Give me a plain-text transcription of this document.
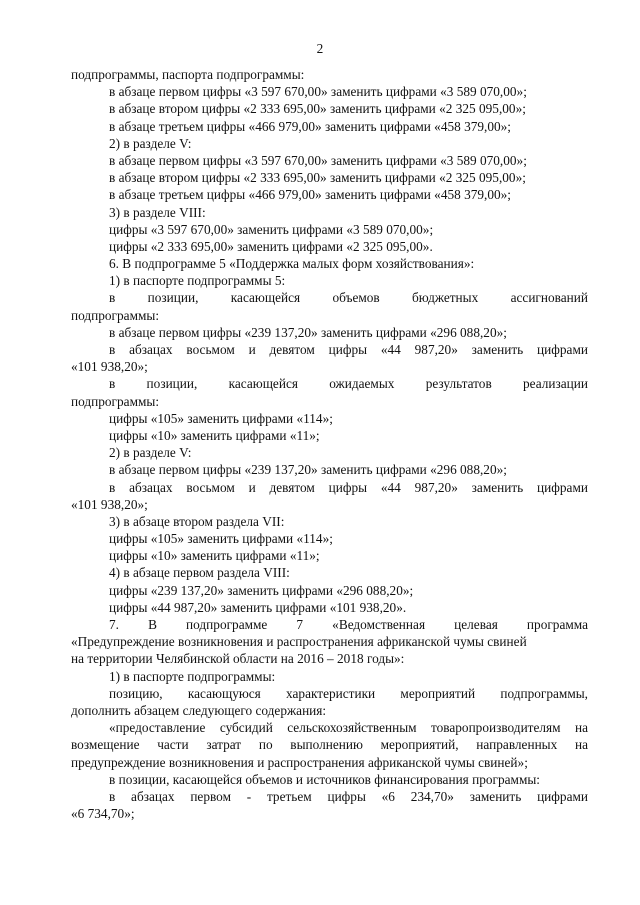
2

подпрограммы, паспорта подпрограммы:

в абзаце первом цифры «3 597 670,00» заменить цифрами «3 589 070,00»;

в абзаце втором цифры «2 333 695,00» заменить цифрами «2 325 095,00»;

в абзаце третьем цифры «466 979,00» заменить цифрами «458 379,00»;

2) в разделе V:

в абзаце первом цифры «3 597 670,00» заменить цифрами «3 589 070,00»;

в абзаце втором цифры «2 333 695,00» заменить цифрами «2 325 095,00»;

в абзаце третьем цифры «466 979,00» заменить цифрами «458 379,00»;

3) в разделе VIII:

цифры «3 597 670,00» заменить цифрами «3 589 070,00»;

цифры «2 333 695,00» заменить цифрами «2 325 095,00».

6. В подпрограмме 5 «Поддержка малых форм хозяйствования»:

1) в паспорте подпрограммы 5:

в позиции, касающейся объемов бюджетных ассигнований

подпрограммы:

в абзаце первом цифры «239 137,20» заменить цифрами «296 088,20»;

в абзацах восьмом и девятом цифры «44 987,20» заменить цифрами

«101 938,20»;

в позиции, касающейся ожидаемых результатов реализации

подпрограммы:

цифры «105» заменить цифрами «114»;

цифры «10» заменить цифрами «11»;

2) в разделе V:

в абзаце первом цифры «239 137,20» заменить цифрами «296 088,20»;

в абзацах восьмом и девятом цифры «44 987,20» заменить цифрами

«101 938,20»;

3) в абзаце втором раздела VII:

цифры «105» заменить цифрами «114»;

цифры «10» заменить цифрами «11»;

4) в абзаце первом раздела VIII:

цифры «239 137,20» заменить цифрами «296 088,20»;

цифры «44 987,20» заменить цифрами «101 938,20».

7. В подпрограмме 7 «Ведомственная целевая программа

«Предупреждение возникновения и распространения африканской чумы свиней

на территории Челябинской области на 2016 – 2018 годы»:

1) в паспорте подпрограммы:

позицию, касающуюся характеристики мероприятий подпрограммы,

дополнить абзацем следующего содержания:

«предоставление субсидий сельскохозяйственным товаропроизводителям на

возмещение части затрат по выполнению мероприятий, направленных на

предупреждение возникновения и распространения африканской чумы свиней»;

в позиции, касающейся объемов и источников финансирования программы:

в абзацах первом - третьем цифры «6 234,70» заменить цифрами

«6 734,70»;
